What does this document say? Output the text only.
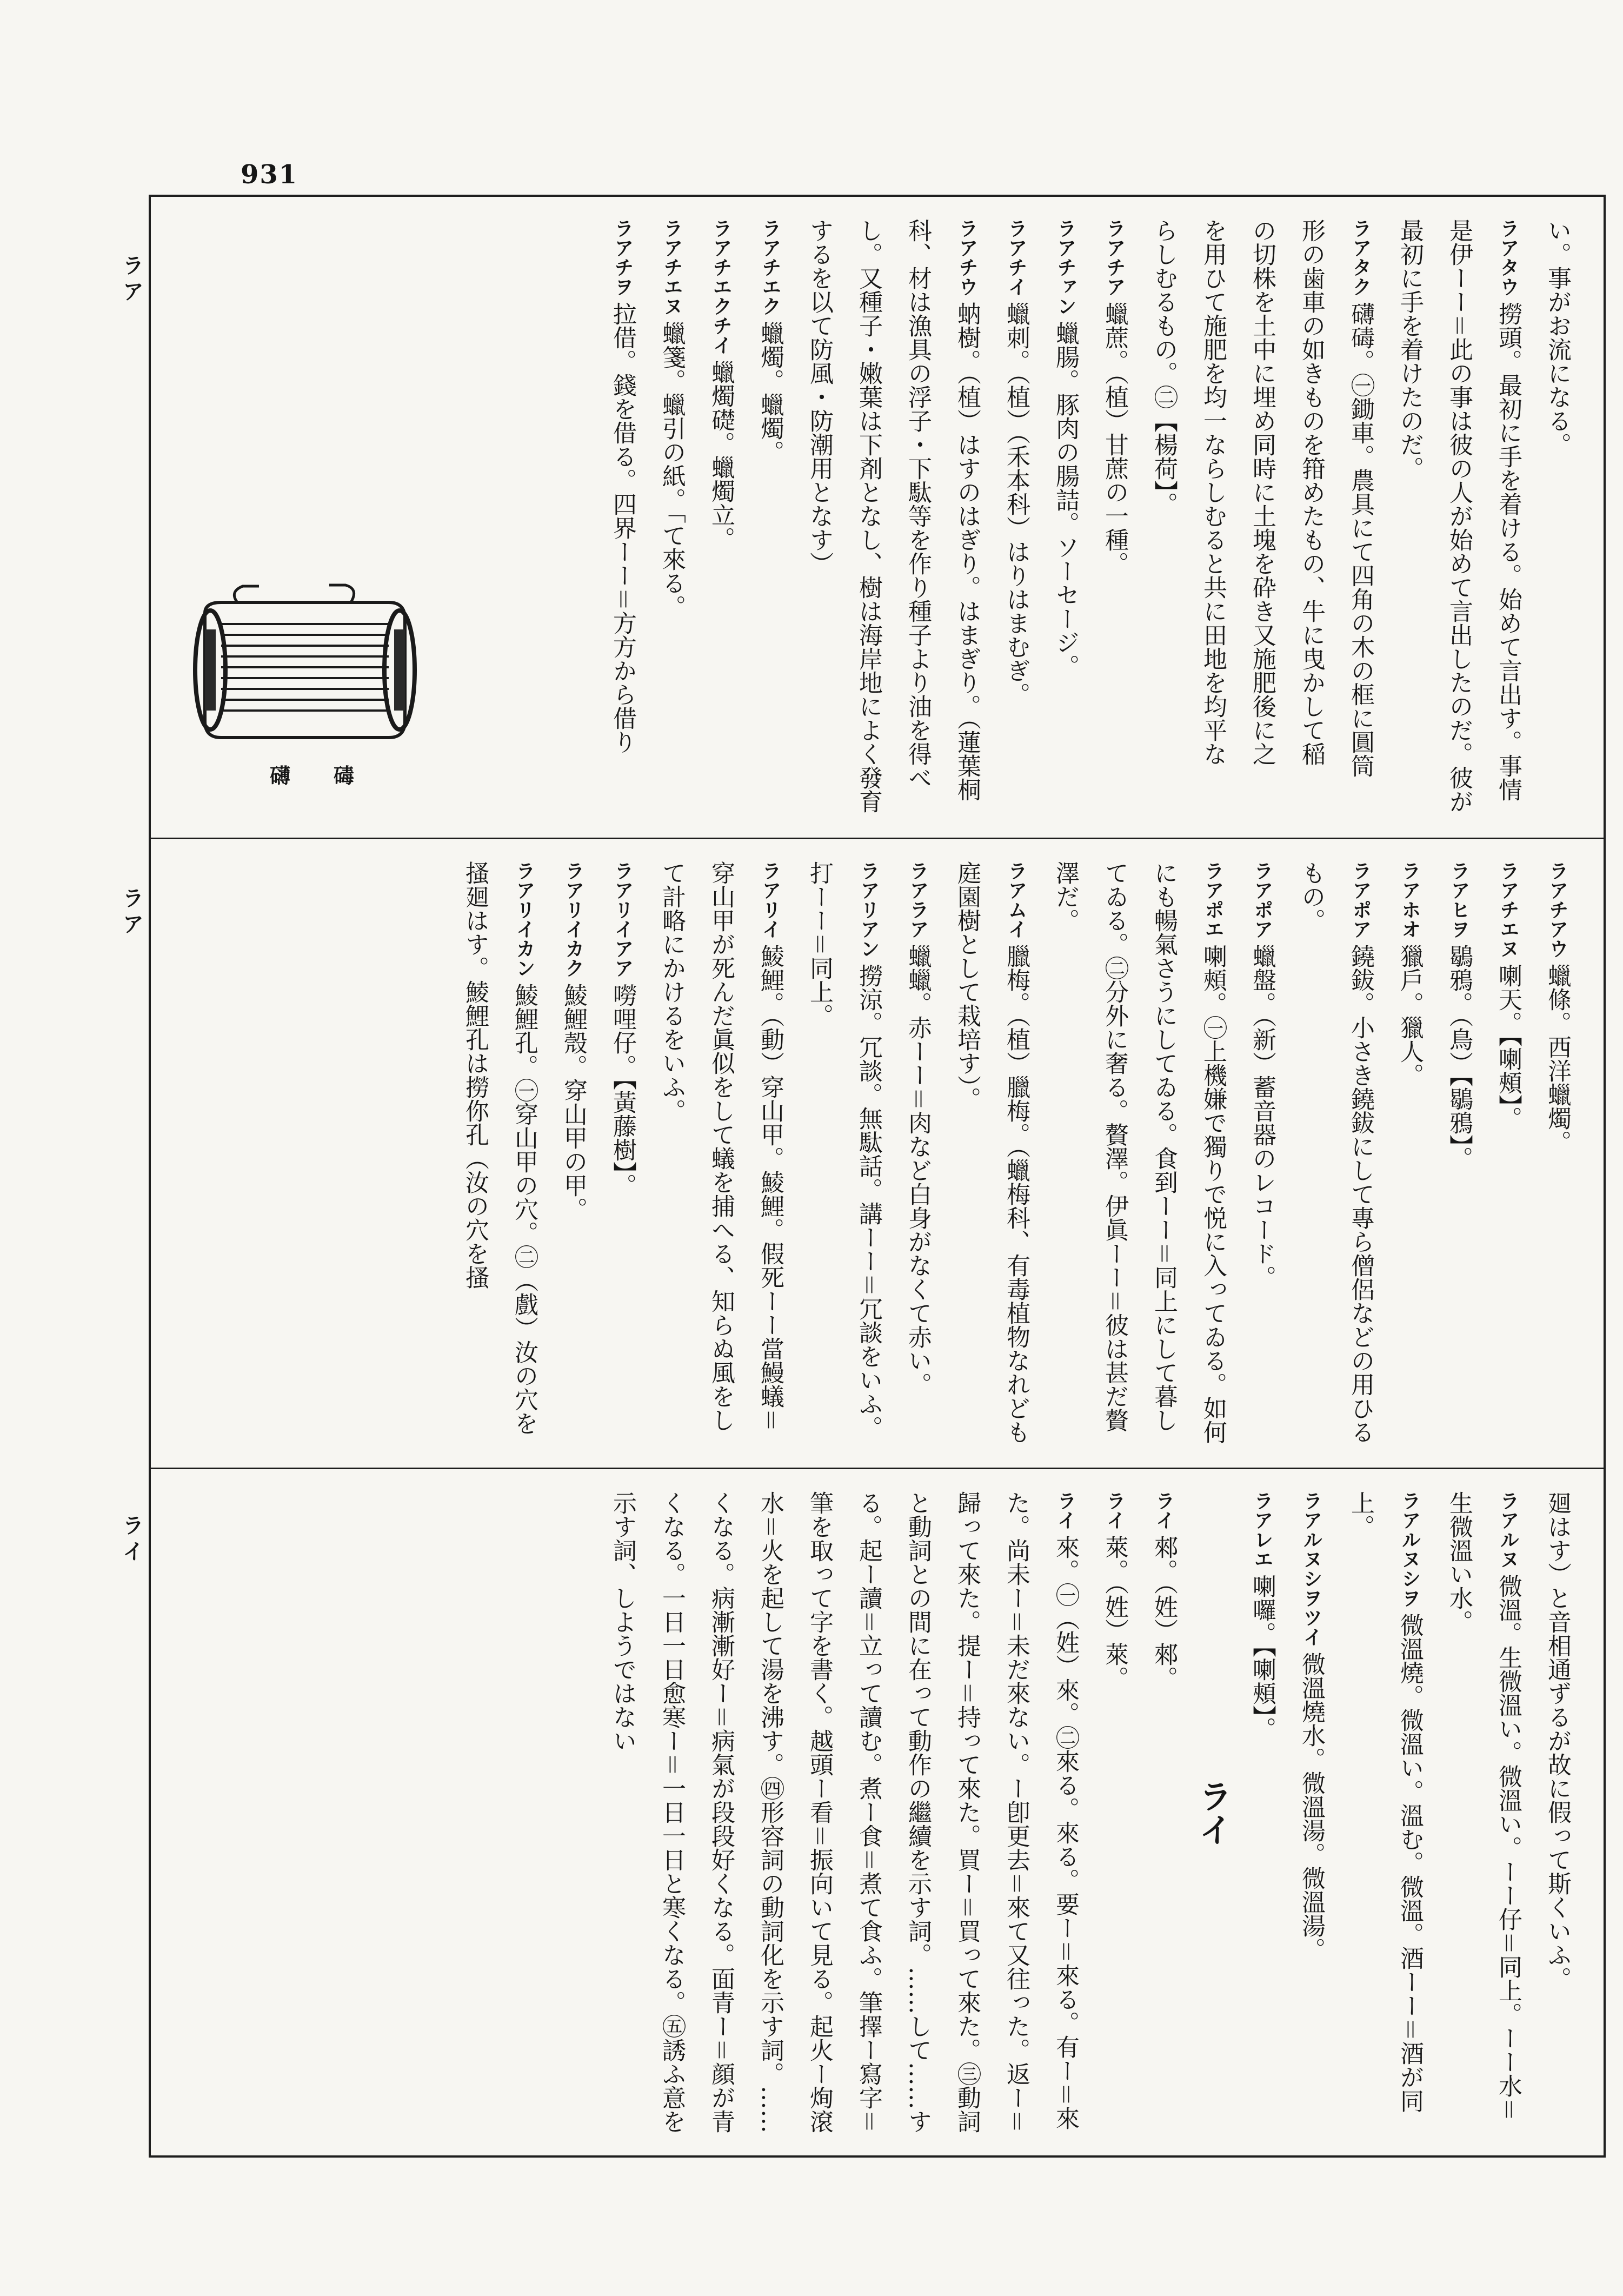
931
ラア
ラア
ライ
い。事がお流になる。
ラアタウ撈頭。最初に手を着ける。始めて言出す。事情是伊ーー＝此の事は彼の人が始めて言出したのだ。彼が最初に手を着けたのだ。
ラアタク礴碡。㊀鋤車。農具にて四角の木の框に圓筒形の歯車の如きものを箝めたもの、牛に曳かして稲の切株を土中に埋め同時に土塊を砕き又施肥後に之を用ひて施肥を均一ならしむると共に田地を均平ならしむるもの。㊁【楊荷】。
ラアチア蠟蔗。（植）甘蔗の一種。
ラアチァン蠟腸。豚肉の腸詰。ソーセージ。
ラアチイ蠟刺。（植）（禾本科）はりはまむぎ。
ラアチウ蚋樹。（植）はすのはぎり。はまぎり。（蓮葉桐科、材は漁具の浮子・下駄等を作り種子より油を得べし。又種子・嫩葉は下剤となし、樹は海岸地によく發育するを以て防風・防潮用となす）
ラアチエク蠟燭。蠟燭。
ラアチエクチイ蠟燭礎。蠟燭立。
ラアチエヌ蠟箋。蠟引の紙。「て來る。
ラアチヲ拉借。錢を借る。四界ーー＝方方から借り
礴碡
ラアチアウ蠟條。西洋蠟燭。
ラアチエヌ喇天。【喇頰】。
ラアヒヲ鶡鴉。（鳥）【鶡鴉】。
ラアホオ獵戶。獵人。
ラアポア鐃鈸。小さき鐃鈸にして專ら僧侶などの用ひるもの。
ラアポア蠟盤。（新）蓄音器のレコード。
ラアポエ喇頰。㊀上機嫌で獨りで悦に入ってゐる。如何にも暢氣さうにしてゐる。食到ーー＝同上にして暮してゐる。㊁分外に奢る。贅澤。伊眞ーー＝彼は甚だ贅澤だ。
ラアムイ臘梅。（植）臘梅。（蠟梅科、有毒植物なれども庭園樹として栽培す）。
ラアラア蠟蠟。赤ーー＝肉など白身がなくて赤い。
ラアリアン撈涼。冗談。無駄話。講ーー＝冗談をいふ。打ーー＝同上。
ラアリイ鯪鯉。（動）穿山甲。鯪鯉。假死ーー當鰻蟻＝穿山甲が死んだ眞似をして蟻を捕へる、知らぬ風をして計略にかけるをいふ。
ラアリイアア嘮哩仔。【黃藤樹】。
ラアリイカク鯪鯉殼。穿山甲の甲。
ラアリイカン鯪鯉孔。㊀穿山甲の穴。㊁（戲）汝の穴を搔廻はす。鯪鯉孔は撈你孔（汝の穴を搔
廻はす）と音相通ずるが故に假って斯くいふ。
ラアルヌ微溫。生微溫い。微溫い。ーー仔＝同上。ーー水＝生微溫い水。
ラアルヌシヲ微溫燒。微溫い。溫む。微溫。酒ーー＝酒が同上。
ラアルヌシヲツイ微溫燒水。微溫湯。微溫湯。
ラアレエ喇囉。【喇頰】。
ライ
ライ郲。（姓）郲。
ライ萊。（姓）萊。
ライ來。㊀（姓）來。㊁來る。來る。要ー＝來る。有ー＝來た。尚未ー＝未だ來ない。ー卽更去＝來て又往った。返ー＝歸って來た。提ー＝持って來た。買ー＝買って來た。㊂動詞と動詞との間に在って動作の繼續を示す詞。……して……する。起ー讀＝立って讀む。煮ー食＝煮て食ふ。筆擇ー寫字＝筆を取って字を書く。越頭ー看＝振向いて見る。起火ー㶷滾水＝火を起して湯を沸す。㊃形容詞の動詞化を示す詞。……くなる。病漸漸好ー＝病氣が段段好くなる。面青ー＝顔が青くなる。一日一日愈寒ー＝一日一日と寒くなる。㊄誘ふ意を示す詞、しようではない
